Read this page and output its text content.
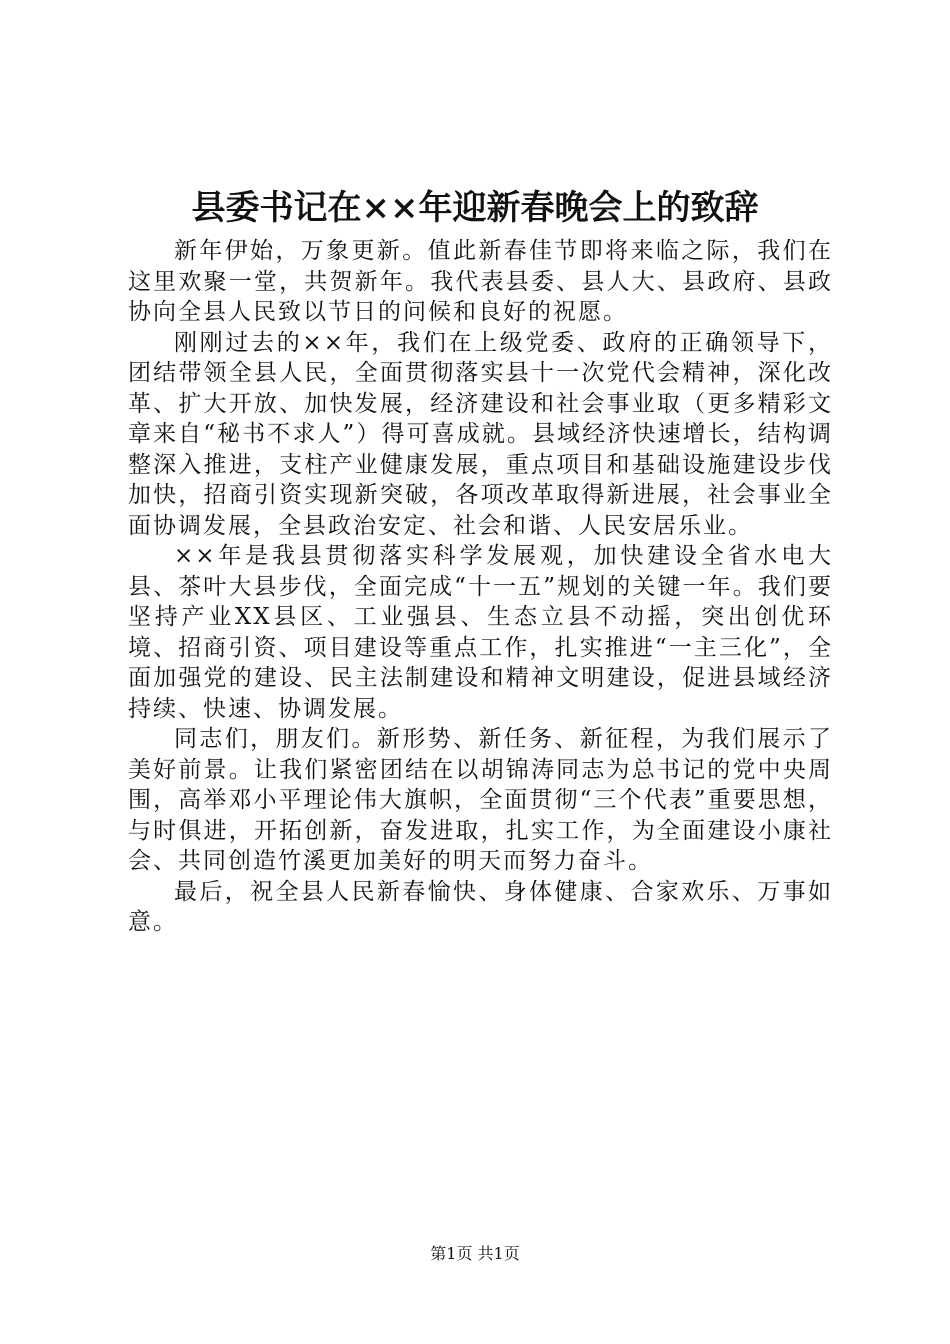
县委书记在××年迎新春晚会上的致辞

新年伊始，万象更新。值此新春佳节即将来临之际，我们在这里欢聚一堂，共贺新年。我代表县委、县人大、县政府、县政协向全县人民致以节日的问候和良好的祝愿。

刚刚过去的××年，我们在上级党委、政府的正确领导下，团结带领全县人民，全面贯彻落实县十一次党代会精神，深化改革、扩大开放、加快发展，经济建设和社会事业取（更多精彩文章来自“秘书不求人”）得可喜成就。县域经济快速增长，结构调整深入推进，支柱产业健康发展，重点项目和基础设施建设步伐加快，招商引资实现新突破，各项改革取得新进展，社会事业全面协调发展，全县政治安定、社会和谐、人民安居乐业。

××年是我县贯彻落实科学发展观，加快建设全省水电大县、茶叶大县步伐，全面完成“十一五”规划的关键一年。我们要坚持产业XX县区、工业强县、生态立县不动摇，突出创优环境、招商引资、项目建设等重点工作，扎实推进“一主三化”，全面加强党的建设、民主法制建设和精神文明建设，促进县域经济持续、快速、协调发展。

同志们，朋友们。新形势、新任务、新征程，为我们展示了美好前景。让我们紧密团结在以胡锦涛同志为总书记的党中央周围，高举邓小平理论伟大旗帜，全面贯彻“三个代表”重要思想，与时俱进，开拓创新，奋发进取，扎实工作，为全面建设小康社会、共同创造竹溪更加美好的明天而努力奋斗。

最后，祝全县人民新春愉快、身体健康、合家欢乐、万事如意。

第1页 共1页
